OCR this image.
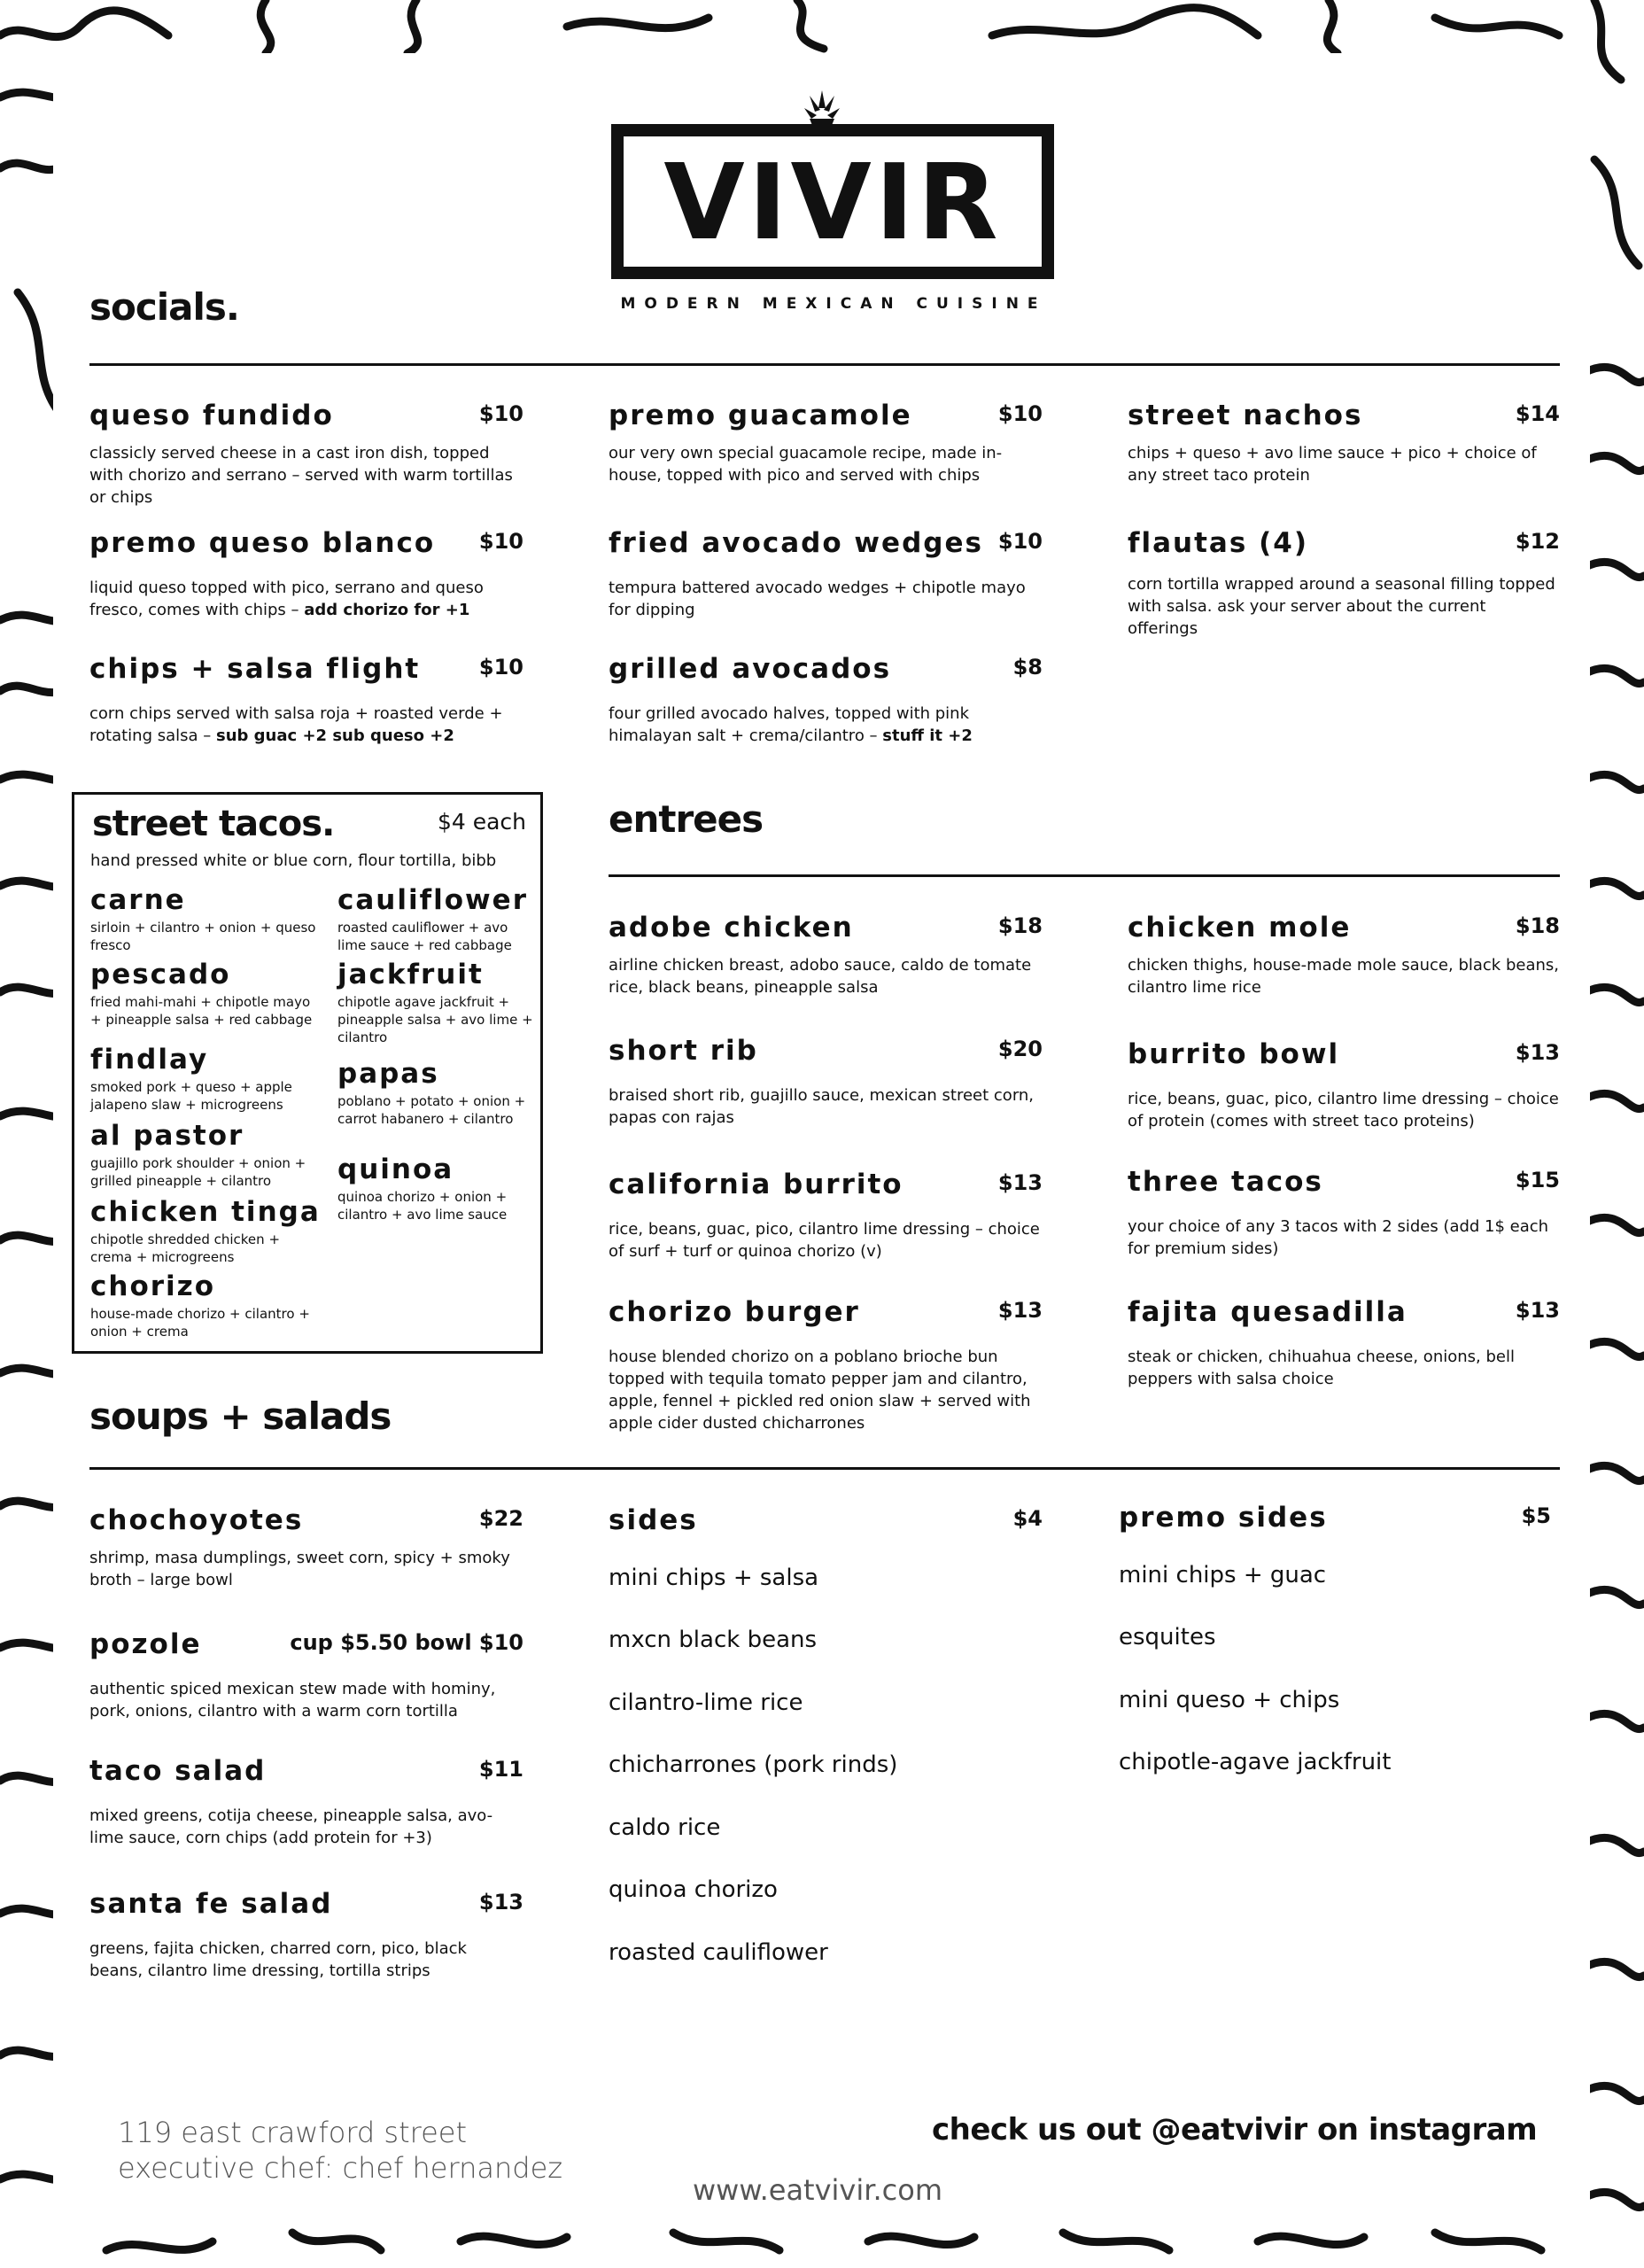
VIVIR
MODERN MEXICAN CUISINE
socials.
queso fundido	$10
classicly served cheese in a cast iron dish, topped with chorizo and serrano – served with warm tortillas or chips
premo guacamole	$10
our very own special guacamole recipe, made in-house, topped with pico and served with chips
street nachos	$14
chips + queso + avo lime sauce + pico + choice of any street taco protein
premo queso blanco	$10
liquid queso topped with pico, serrano and queso fresco, comes with chips – add chorizo for +1
fried avocado wedges $10
tempura battered avocado wedges + chipotle mayo for dipping
flautas (4)	$12
corn tortilla wrapped around a seasonal filling topped with salsa. ask your server about the current offerings
chips + salsa flight	$10
corn chips served with salsa roja + roasted verde + rotating salsa – sub guac +2 sub queso +2
grilled avocados	$8
four grilled avocado halves, topped with pink himalayan salt + crema/cilantro – stuff it +2
street tacos.	$4 each
hand pressed white or blue corn, flour tortilla, bibb
carne
sirloin + cilantro + onion + queso fresco
pescado
fried mahi-mahi + chipotle mayo + pineapple salsa + red cabbage
findlay
smoked pork + queso + apple jalapeno slaw + microgreens
al pastor
guajillo pork shoulder + onion + grilled pineapple + cilantro
chicken tinga
chipotle shredded chicken + crema + microgreens
chorizo
house-made chorizo + cilantro + onion + crema
cauliflower
roasted cauliflower + avo lime sauce + red cabbage
jackfruit
chipotle agave jackfruit + pineapple salsa + avo lime + cilantro
papas
poblano + potato + onion + carrot habanero + cilantro
quinoa
quinoa chorizo + onion + cilantro + avo lime sauce
entrees
adobe chicken	$18
airline chicken breast, adobo sauce, caldo de tomate rice, black beans, pineapple salsa
chicken mole	$18
chicken thighs, house-made mole sauce, black beans, cilantro lime rice
short rib	$20
braised short rib, guajillo sauce, mexican street corn, papas con rajas
burrito bowl	$13
rice, beans, guac, pico, cilantro lime dressing – choice of protein (comes with street taco proteins)
california burrito	$13
rice, beans, guac, pico, cilantro lime dressing – choice of surf + turf or quinoa chorizo (v)
three tacos	$15
your choice of any 3 tacos with 2 sides (add 1$ each for premium sides)
chorizo burger	$13
house blended chorizo on a poblano brioche bun topped with tequila tomato pepper jam and cilantro, apple, fennel + pickled red onion slaw + served with apple cider dusted chicharrones
fajita quesadilla	$13
steak or chicken, chihuahua cheese, onions, bell peppers with salsa choice
soups + salads
chochoyotes	$22
shrimp, masa dumplings, sweet corn, spicy + smoky broth – large bowl
pozole	cup $5.50 bowl $10
authentic spiced mexican stew made with hominy, pork, onions, cilantro with a warm corn tortilla
taco salad	$11
mixed greens, cotija cheese, pineapple salsa, avo-lime sauce, corn chips (add protein for +3)
santa fe salad	$13
greens, fajita chicken, charred corn, pico, black beans, cilantro lime dressing, tortilla strips
sides	$4
mini chips + salsa
mxcn black beans
cilantro-lime rice
chicharrones (pork rinds)
caldo rice
quinoa chorizo
roasted cauliflower
premo sides	$5
mini chips + guac
esquites
mini queso + chips
chipotle-agave jackfruit
119 east crawford street
executive chef: chef hernandez
www.eatvivir.com
check us out @eatvivir on instagram
